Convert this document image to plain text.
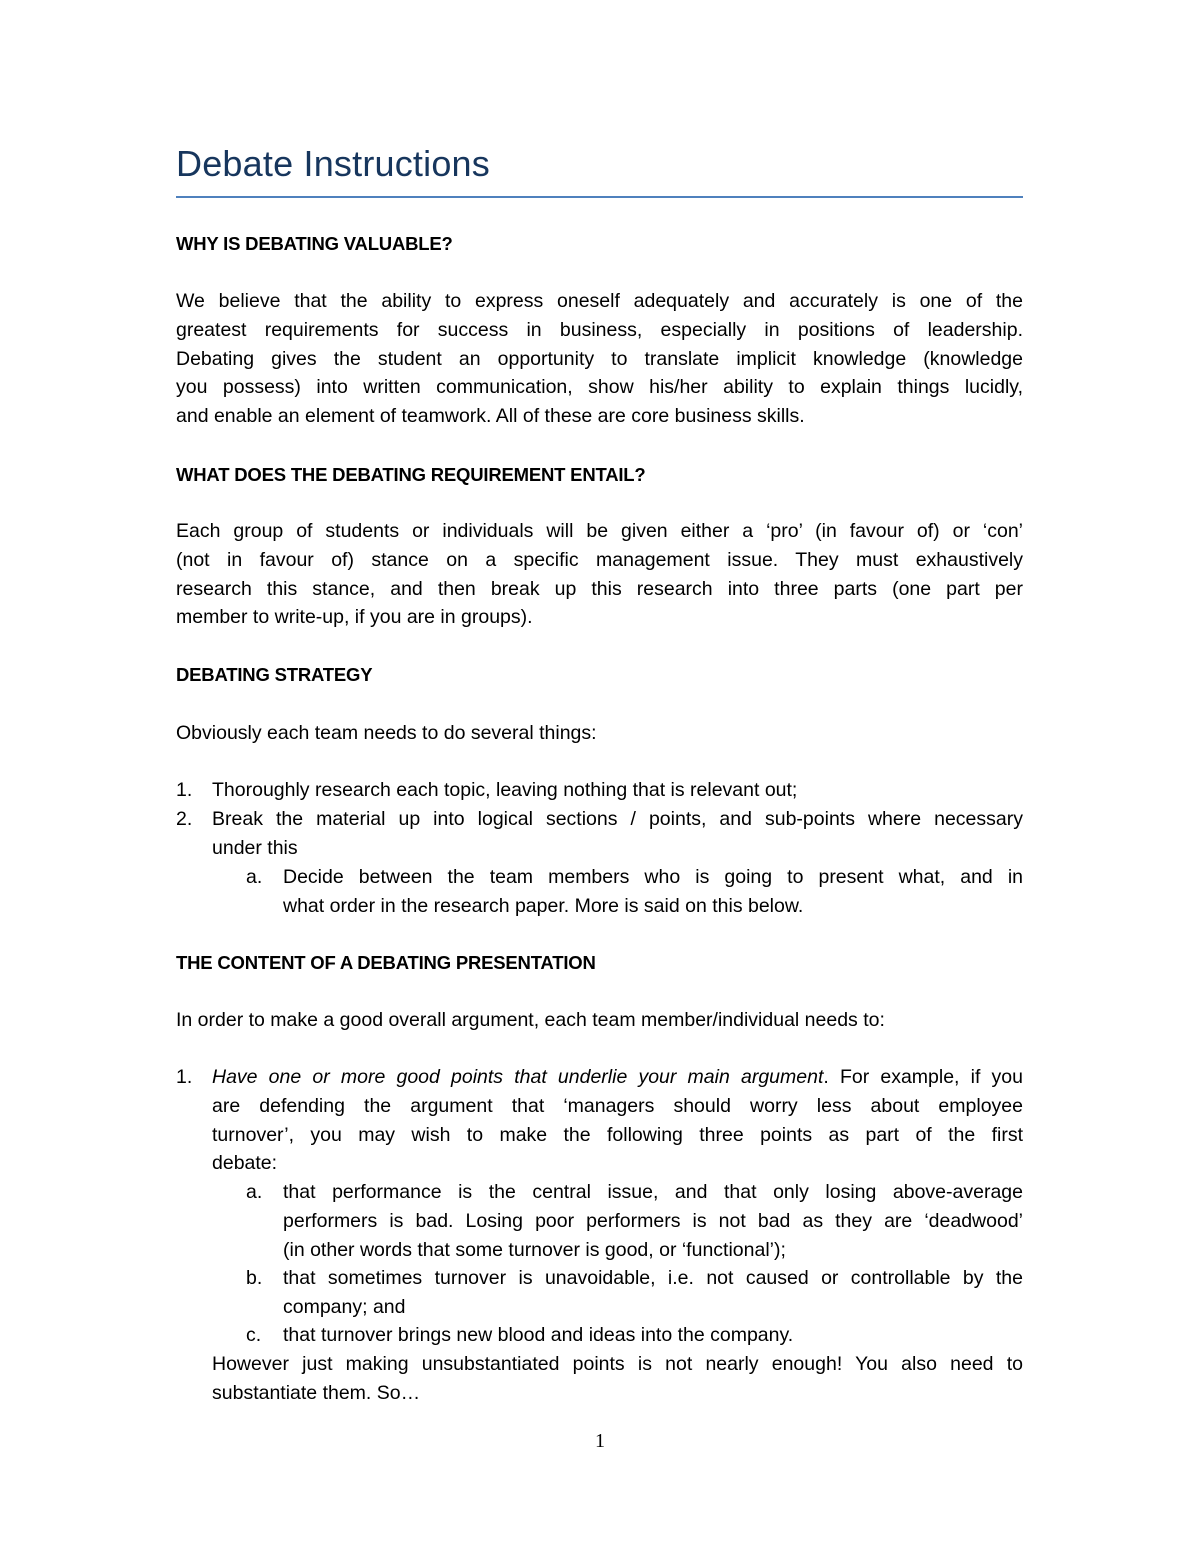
Debate Instructions

WHY IS DEBATING VALUABLE?

We believe that the ability to express oneself adequately and accurately is one of the
greatest requirements for success in business, especially in positions of leadership.
Debating gives the student an opportunity to translate implicit knowledge (knowledge
you possess) into written communication, show his/her ability to explain things lucidly,
and enable an element of teamwork. All of these are core business skills.

WHAT DOES THE DEBATING REQUIREMENT ENTAIL?

Each group of students or individuals will be given either a ‘pro’ (in favour of) or ‘con’
(not in favour of) stance on a specific management issue. They must exhaustively
research this stance, and then break up this research into three parts (one part per
member to write-up, if you are in groups).

DEBATING STRATEGY

Obviously each team needs to do several things:

1. Thoroughly research each topic, leaving nothing that is relevant out;

2. Break the material up into logical sections / points, and sub-points where necessary
under this

a. Decide between the team members who is going to present what, and in
what order in the research paper. More is said on this below.

THE CONTENT OF A DEBATING PRESENTATION

In order to make a good overall argument, each team member/individual needs to:

1. Have one or more good points that underlie your main argument. For example, if you
are defending the argument that ‘managers should worry less about employee
turnover’, you may wish to make the following three points as part of the first
debate:

a. that performance is the central issue, and that only losing above-average
performers is bad. Losing poor performers is not bad as they are ‘deadwood’
(in other words that some turnover is good, or ‘functional’);

b. that sometimes turnover is unavoidable, i.e. not caused or controllable by the
company; and

c. that turnover brings new blood and ideas into the company.

However just making unsubstantiated points is not nearly enough! You also need to
substantiate them. So…
1
